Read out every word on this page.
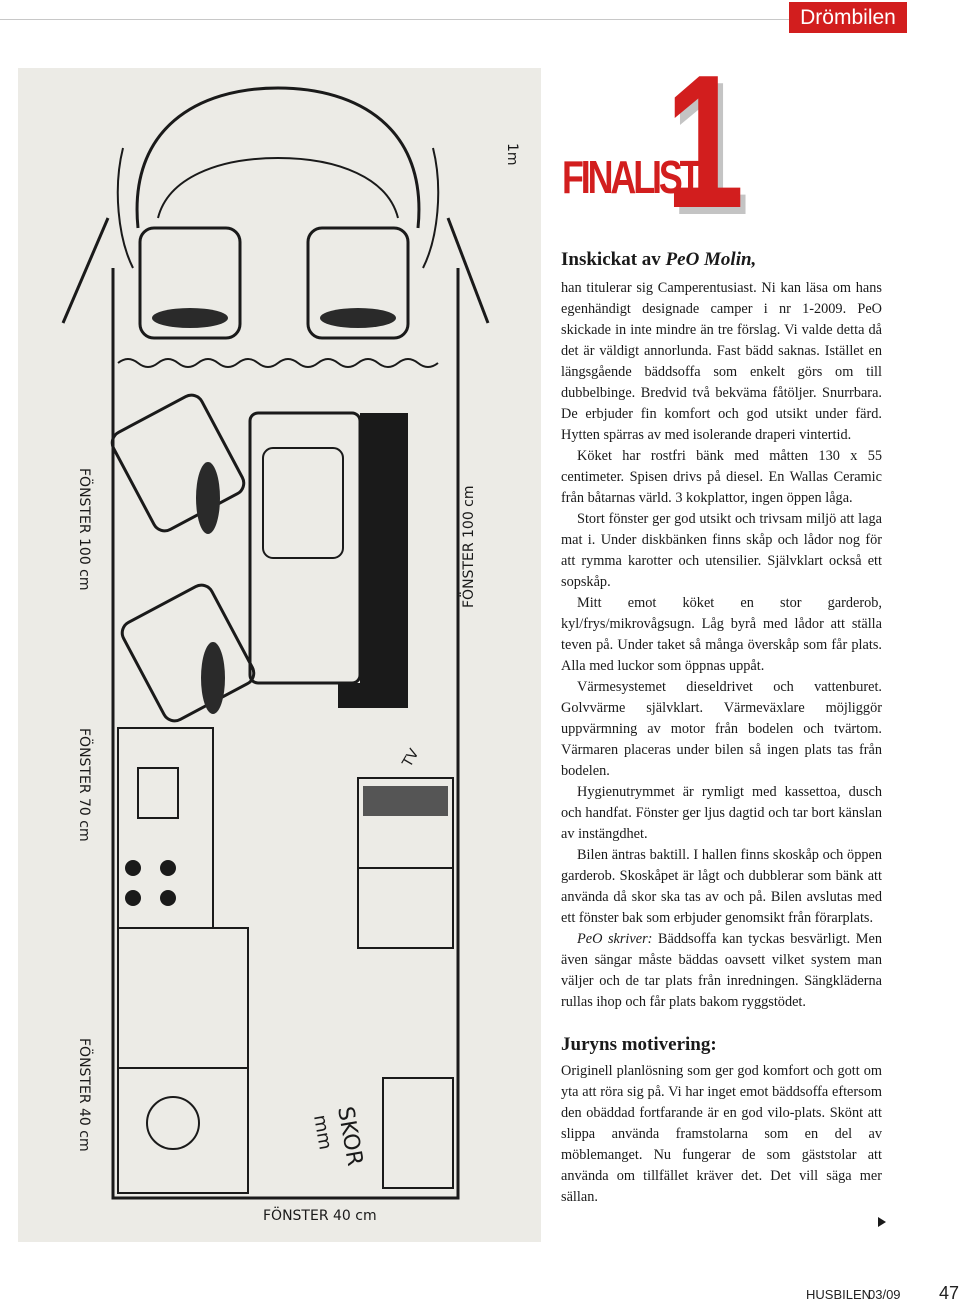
Drömbilen
FÖNSTER 100 cm
FÖNSTER 70 cm
FÖNSTER 100 cm
FÖNSTER 40 cm
FÖNSTER 40 cm
1m
TV
SKOR
mm
FINALIST
1
Inskickat av PeO Molin,

han titulerar sig Camperentusiast. Ni kan läsa om hans egenhändigt designade camper i nr 1-2009. PeO skickade in inte mindre än tre förslag. Vi valde detta då det är väldigt annorlunda. Fast bädd saknas. Istället en längsgående bäddsoffa som enkelt görs om till dubbelbinge. Bredvid två bekväma fåtöljer. Snurrbara. De erbjuder fin komfort och god utsikt under färd. Hytten spärras av med isolerande draperi vintertid.

Köket har rostfri bänk med måtten 130 x 55 centimeter. Spisen drivs på diesel. En Wallas Ceramic från båtarnas värld. 3 kokplattor, ingen öppen låga.

Stort fönster ger god utsikt och trivsam miljö att laga mat i. Under diskbänken finns skåp och lådor nog för att rymma karotter och utensilier. Självklart också ett sopskåp.

Mitt emot köket en stor garderob, kyl/frys/mikrovågsugn. Låg byrå med lådor att ställa teven på. Under taket så många överskåp som får plats. Alla med luckor som öppnas uppåt.

Värmesystemet dieseldrivet och vattenburet. Golvvärme självklart. Värmeväxlare möjliggör uppvärmning av motor från bodelen och tvärtom. Värmaren placeras under bilen så ingen plats tas från bodelen.

Hygienutrymmet är rymligt med kassettoa, dusch och handfat. Fönster ger ljus dagtid och tar bort känslan av instängdhet.

Bilen äntras baktill. I hallen finns skoskåp och öppen garderob. Skoskåpet är lågt och dubblerar som bänk att använda då skor ska tas av och på. Bilen avslutas med ett fönster bak som erbjuder genomsikt från förarplats.

PeO skriver: Bäddsoffa kan tyckas besvärligt. Men även sängar måste bäddas oavsett vilket system man väljer och de tar plats från inredningen. Sängkläderna rullas ihop och får plats bakom ryggstödet.

Juryns motivering:

Originell planlösning som ger god komfort och gott om yta att röra sig på. Vi har inget emot bäddsoffa eftersom den obäddad fortfarande är en god vilo-plats. Skönt att slippa använda framstolarna som en del av möblemanget. Nu fungerar de som gäststolar att använda om tillfället kräver det. Det vill säga mer sällan.

HUSBILEN
03/09 47
